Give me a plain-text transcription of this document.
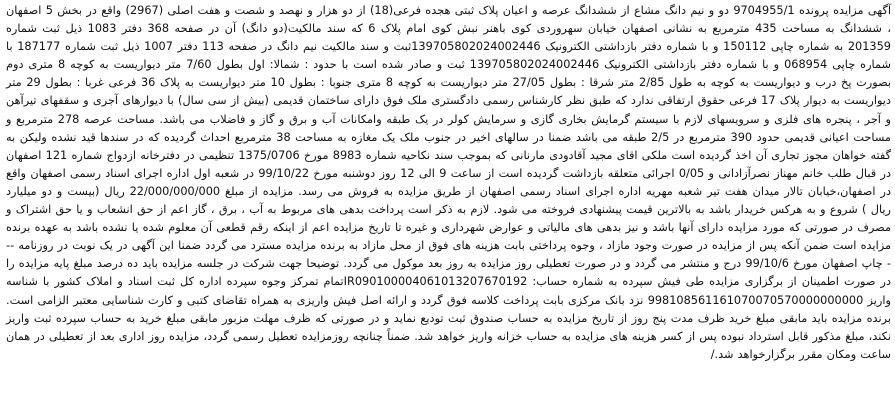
آگهی مزایده پرونده 9704955/1 دو و نیم دانگ مشاع از ششدانگ عرصه و اعیان پلاک ثبتی هجده فرعی(18) از دو هزار و نهصد و شصت و هفت اصلی (2967) واقع در بخش 5 اصفهان ، ششدانگ به مساحت 435 مترمربع به نشانی اصفهان خیابان سهروردی کوی باهنر نبش کوی امام پلاک 6 که سند مالکیت(دو دانگ) آن در صفحه 368 دفتر 1083 ذیل ثبت شماره 201359 به شماره چاپی 150112 و با شماره دفتر بازداشتی الکترونیک 139705802024002446ثبت و سند مالکیت نیم دانگ در صفحه 113 دفتر 1007 ذیل ثبت شماره 187177 با شماره چاپی 068954 و با شماره دفتر بازداشتی الکترونیک 139705802024002446 ثبت و صادر شده است با حدود : شمالا: اول بطول 7/60 متر دیواریست به کوچه 8 متری دوم بصورت پخ درب و دیواریست به کوچه به طول 2/85 متر شرقا : بطول 27/05 متر دیواریست به کوچه 8 متری جنوبا : بطول 10 متر دیواریست به پلاک 36 فرعی غربا : بطول 29 متر دیواریست به دیوار پلاک 17 فرعی حقوق ارتفاقی ندارد که طبق نظر کارشناس رسمی دادگستری ملک فوق دارای ساختمان قدیمی (بیش از سی سال) با دیوارهای آجری و سقفهای تیرآهن و آجر ، پنجره های فلزی و سرویسهای لازم با سیستم گرمایش بخاری گازی و سرمایش کولر در یک طبقه وامکانات آب و برق و گاز و فاضلاب می باشد. مساحت عرصه 278 مترمربع و مساحت اعیانی قدیمی حدود 390 مترمربع در 2/5 طبقه می باشد ضمنا در سالهای اخیر در جنوب ملک یک مغازه به مساحت 38 مترمربع احداث گردیده که در سندها قید نشده ولیکن به گفته خواهان مجوز تجاری آن اخذ گردیده است ملکی اقای مجید آقادودی مارنانی که بموجب سند نکاحیه شماره 8983 مورخ 1375/0706 تنظیمی در دفترخانه ازدواج شماره 121 اصفهان در قبال طلب خانم مهناز نصرآزادانی و 0/05 اجرائی متعلقه بازداشت گردیده است از ساعت 9 الی 12 روز دوشنبه مورخ 99/10/22 در شعبه اول اداره اجرای اسناد رسمی اصفهان واقع در اصفهان،خیابان تالار میدان هفت تیر شعبه مهریه اداره اجرای اسناد رسمی اصفهان از طریق مزایده به فروش می رسد. مزایده از مبلغ 22/000/000/000 ریال (بیست و دو میلیارد ریال ) شروع و به هرکس خریدار باشد به بالاترین قیمت پیشنهادی فروخته می شود. لازم به ذکر است پرداخت بدهی های مربوط به آب ، برق ، گاز اعم از حق انشعاب و یا حق اشتراک و مصرف در صورتی که مورد مزایده دارای آنها باشد و نیز بدهی های مالیاتی و عوارض شهرداری و غیره تا تاریخ مزایده اعم از اینکه رقم قطعی آن معلوم شده یا نشده باشد به عهده برنده مزایده است ضمن آنکه پس از مزایده در صورت وجود مازاد ، وجوه پرداختی بابت هزینه های فوق از محل مازاد به برنده مزایده مسترد می گردد ضمنا این آگهی در یک نوبت در روزنامه --- چاپ اصفهان مورخ 99/10/6 درج و منتشر می گردد و در صورت تعطیلی روز مزایده به روز بعد موکول می گردد. توضیحا جهت شرکت در جلسه مزایده باید ده درصد مبلغ پایه مزایده را در صورت اطمینان از برگزاری مزایده طی فیش سپرده به شماره حساب: IR090100004061013207670192تمام تمرکز وجوه سپرده اداره کل ثبت اسناد و املاک کشور با شناسه واریز 998108561161070070570000000000 نزد بانک مرکزی بابت پرداخت کلاسه فوق گردد و ارائه اصل فیش واریزی به همراه تقاضای کتبی و کارت شناسایی معتبر الزامی است. برنده مزایده باید مابقی مبلغ خرید ظرف مدت پنج روز از تاریخ مزایده به حساب صندوق ثبت تودیع نماید و در صورتی که ظرف مهلت مزبور مابقی مبلغ خرید به حساب سپرده ثبت واریز نکند، مبلغ مذکور قابل استرداد نبوده پس از کسر هزینه های مزایده به حساب خزانه واریز خواهد شد. ضمناً چنانچه روزمزایده تعطیل رسمی گردد، مزایده روز اداری بعد از تعطیلی در همان ساعت ومکان مقرر برگزارخواهد شد./
